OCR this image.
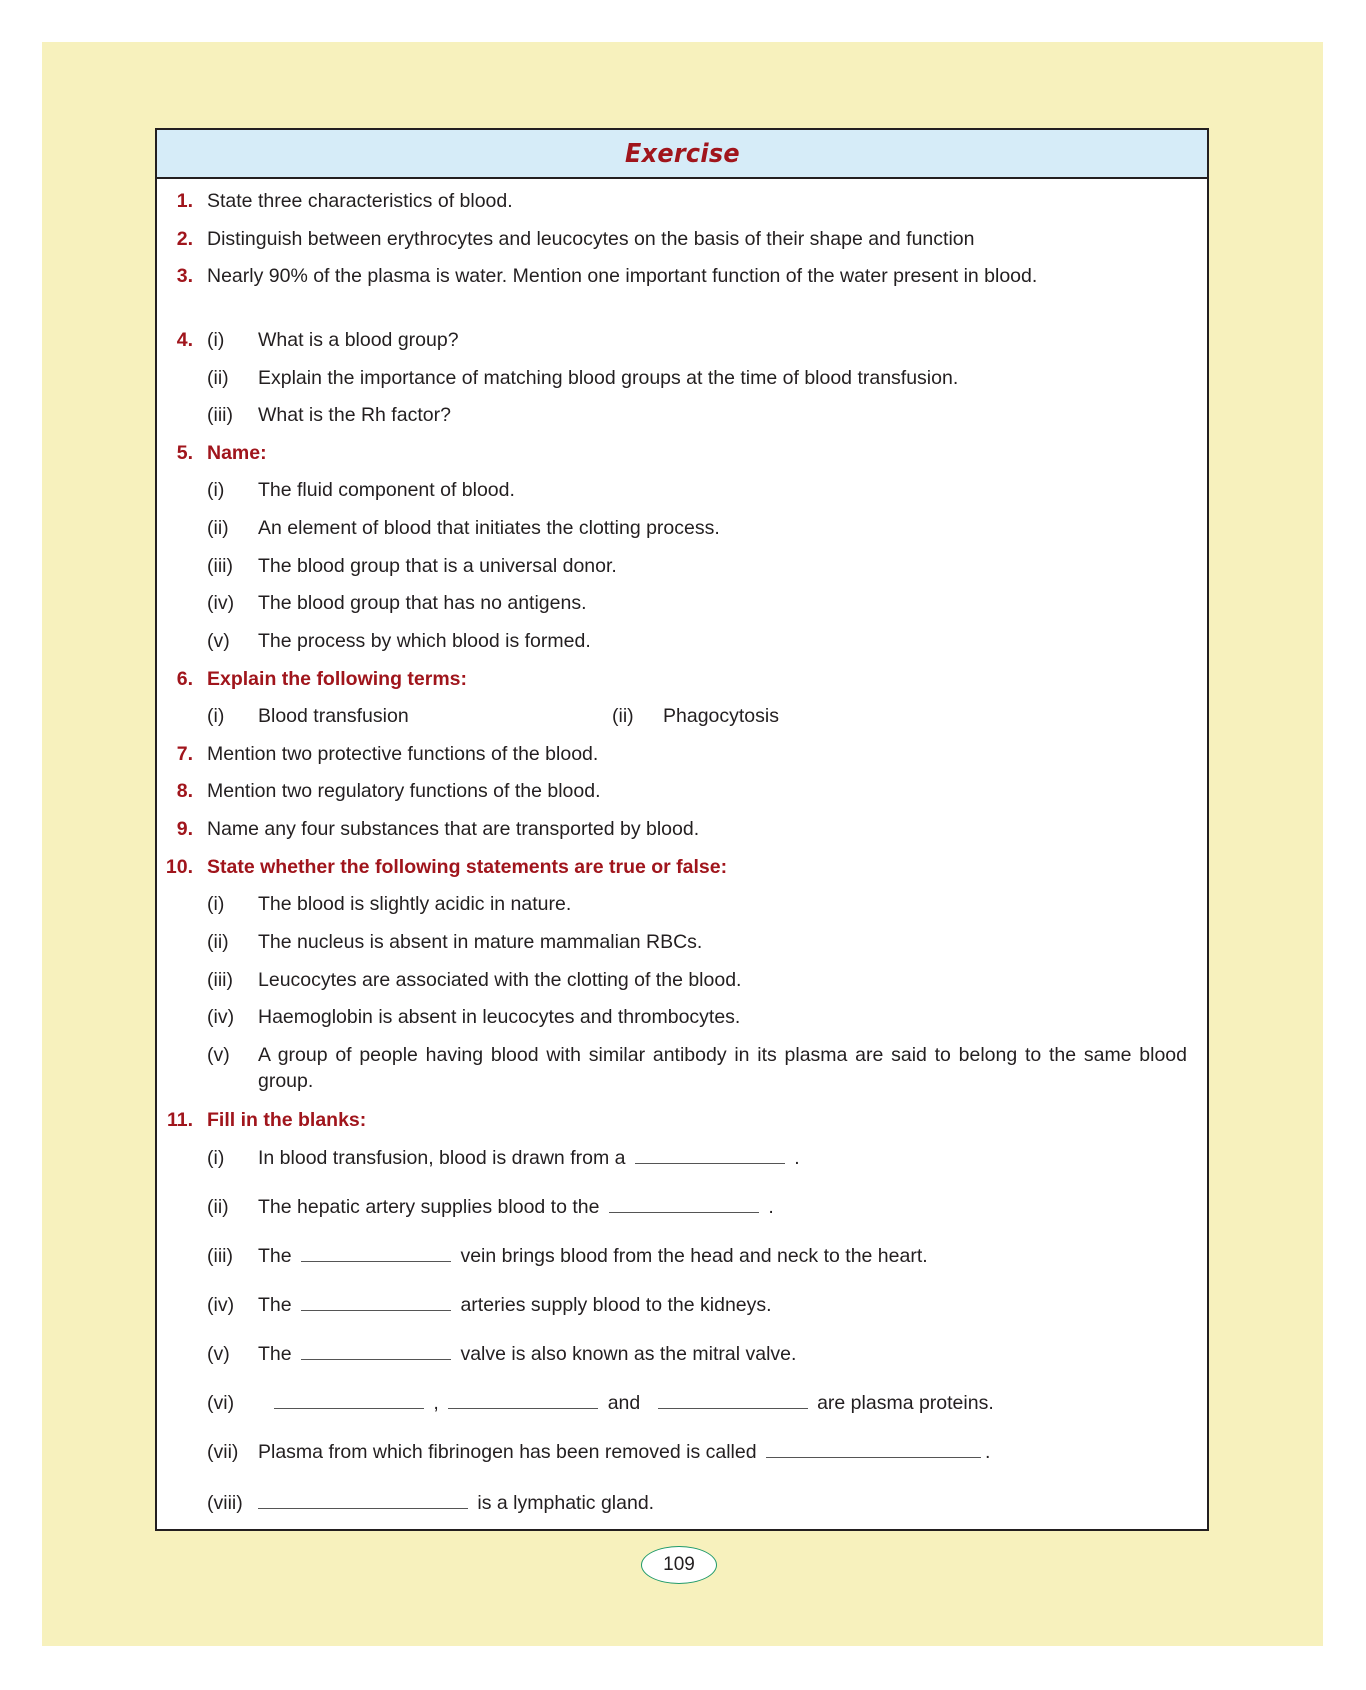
Exercise
1. State three characteristics of blood.
2. Distinguish between erythrocytes and leucocytes on the basis of their shape and function
3. Nearly 90% of the plasma is water. Mention one important function of the water present in blood.
4. (i) What is a blood group?
(ii) Explain the importance of matching blood groups at the time of blood transfusion.
(iii) What is the Rh factor?
5. Name:
(i) The fluid component of blood.
(ii) An element of blood that initiates the clotting process.
(iii) The blood group that is a universal donor.
(iv) The blood group that has no antigens.
(v) The process by which blood is formed.
6. Explain the following terms:
(i) Blood transfusion	(ii) Phagocytosis
7. Mention two protective functions of the blood.
8. Mention two regulatory functions of the blood.
9. Name any four substances that are transported by blood.
10. State whether the following statements are true or false:
(i) The blood is slightly acidic in nature.
(ii) The nucleus is absent in mature mammalian RBCs.
(iii) Leucocytes are associated with the clotting of the blood.
(iv) Haemoglobin is absent in leucocytes and thrombocytes.
(v) A group of people having blood with similar antibody in its plasma are said to belong to the same blood group.
11. Fill in the blanks:
(i) In blood transfusion, blood is drawn from a	.
(ii) The hepatic artery supplies blood to the	.
(iii) The	vein brings blood from the head and neck to the heart.
(iv) The	arteries supply blood to the kidneys.
(v) The	valve is also known as the mitral valve.
(vi)	,	and	are plasma proteins.
(vii) Plasma from which fibrinogen has been removed is called	.
(viii)	is a lymphatic gland.
109
